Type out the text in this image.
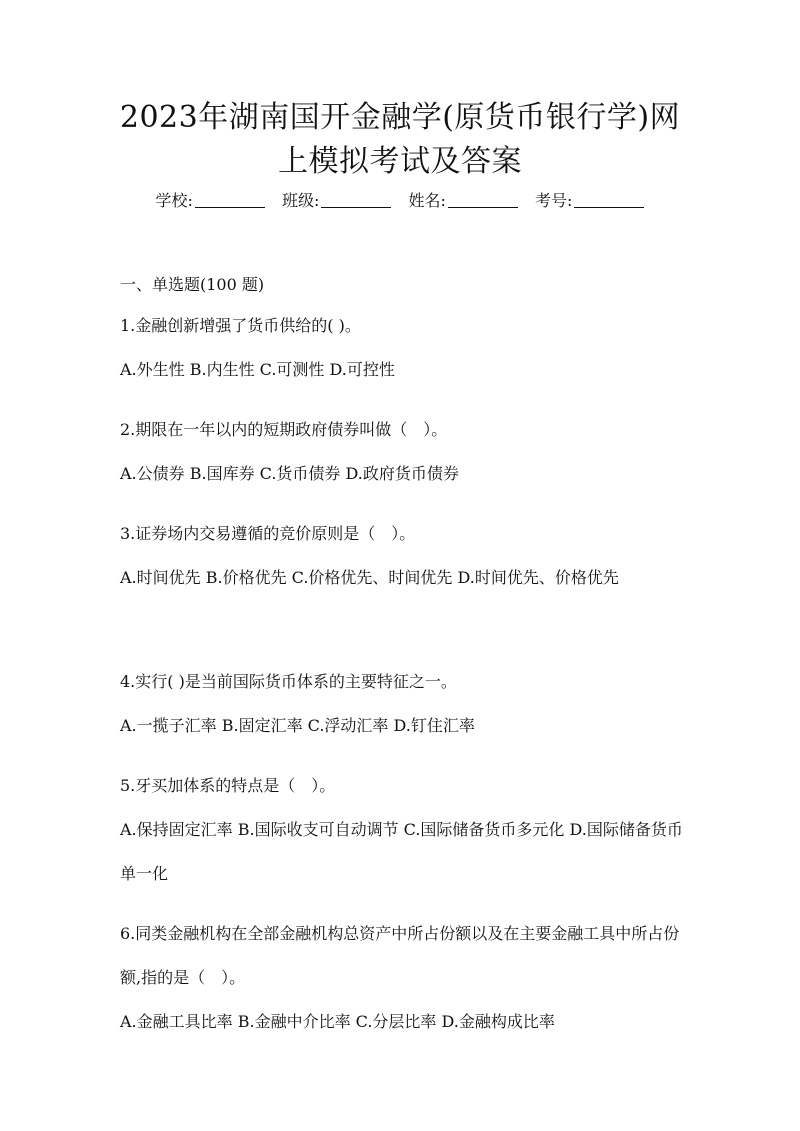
2023年湖南国开金融学(原货币银行学)网
上模拟考试及答案
学校:	班级:	姓名:	考号:
一、单选题(100 题)
1.金融创新增强了货币供给的( )。
A.外生性 B.内生性 C.可测性 D.可控性
2.期限在一年以内的短期政府债券叫做（　）。
A.公债券 B.国库券 C.货币债券 D.政府货币债券
3.证券场内交易遵循的竞价原则是（　）。
A.时间优先 B.价格优先 C.价格优先、时间优先 D.时间优先、价格优先
4.实行( )是当前国际货币体系的主要特征之一。
A.一揽子汇率 B.固定汇率 C.浮动汇率 D.钉住汇率
5.牙买加体系的特点是（　）。
A.保持固定汇率 B.国际收支可自动调节 C.国际储备货币多元化 D.国际储备货币单一化
6.同类金融机构在全部金融机构总资产中所占份额以及在主要金融工具中所占份额,指的是（　）。
A.金融工具比率 B.金融中介比率 C.分层比率 D.金融构成比率
